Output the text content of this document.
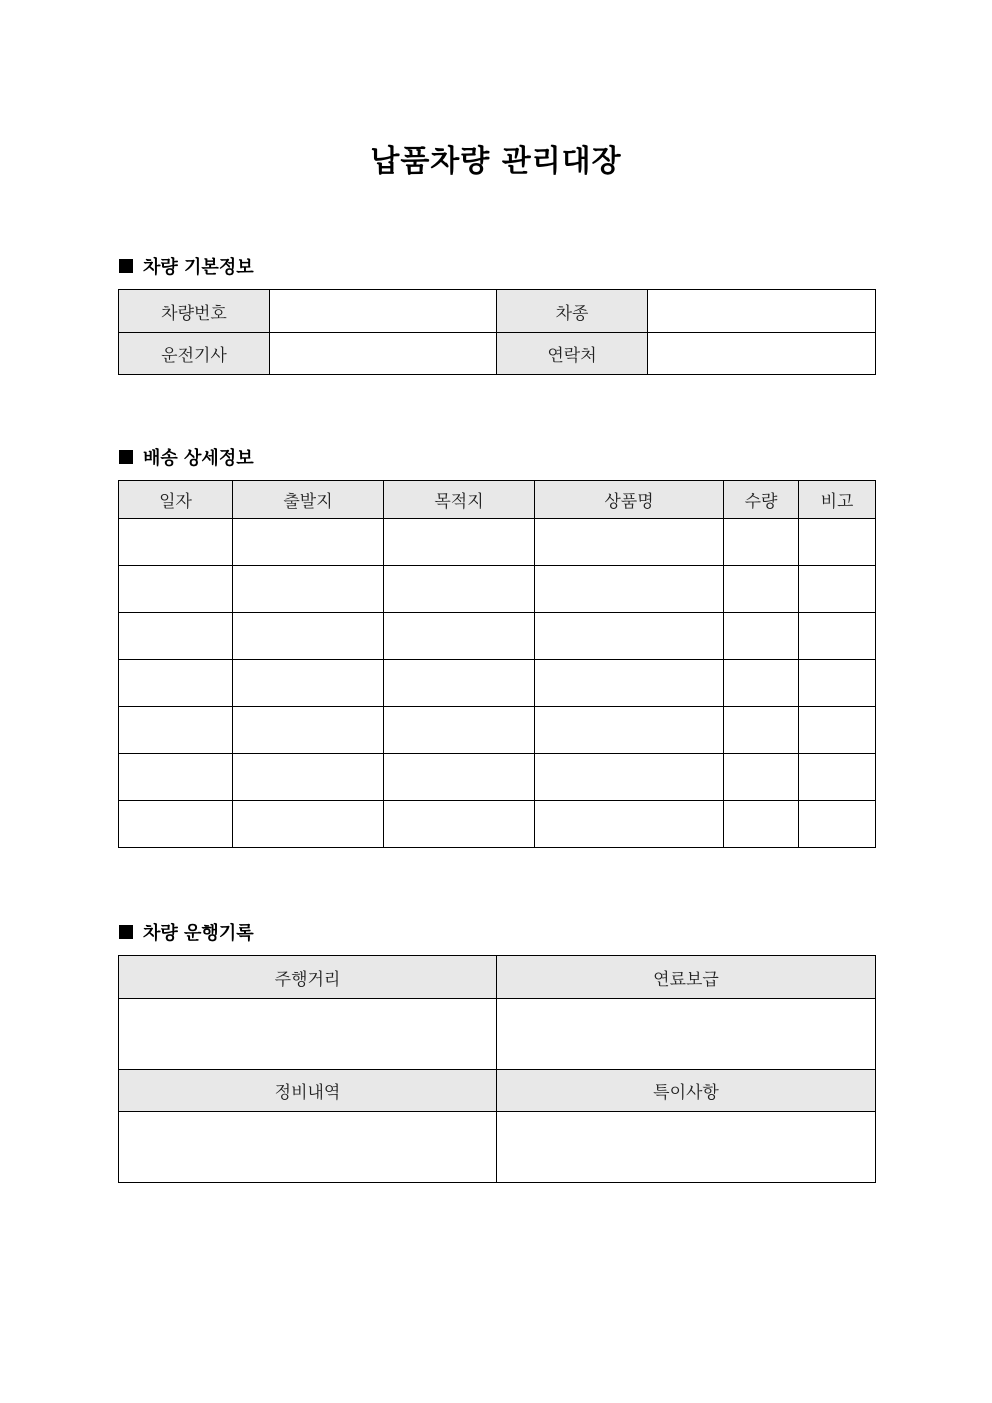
납품차량 관리대장
차량 기본정보
차량번호		차종	
운전기사		연락처	
배송 상세정보
일자	출발지	목적지	상품명	수량	비고

차량 운행기록
주행거리	연료보급

정비내역	특이사항
